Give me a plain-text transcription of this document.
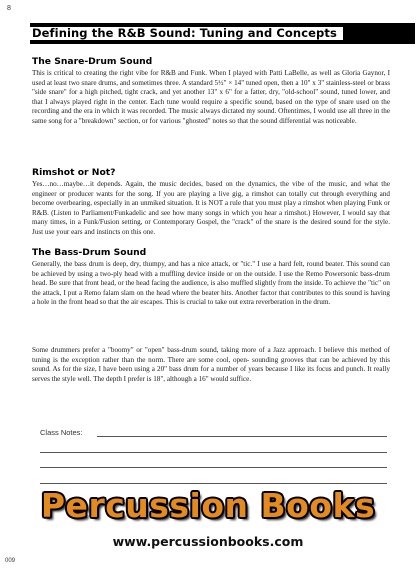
8
Defining the R&B Sound: Tuning and Concepts
The Snare-Drum Sound

This is critical to creating the right vibe for R&B and Funk. When I played with Patti LaBelle, as well as Gloria Gaynor, I used at least two snare drums, and sometimes three. A standard 5½" × 14" tuned open, then a 10" x 3" stainless-steel or brass "side snare" for a high pitched, tight crack, and yet another 13" x 6" for a fatter, dry, "old-school" sound, tuned lower, and that I always played right in the center. Each tune would require a specific sound, based on the type of snare used on the recording and the era in which it was recorded. The music always dictated my sound. Oftentimes, I would use all three in the same song for a "breakdown" section, or for various "ghosted" notes so that the sound differential was noticeable.

Rimshot or Not?

Yes…no…maybe…it depends. Again, the music decides, based on the dynamics, the vibe of the music, and what the engineer or producer wants for the song. If you are playing a live gig, a rimshot can totally cut through everything and become overbearing, especially in an unmiked situation. It is NOT a rule that you must play a rimshot when playing Funk or R&B. (Listen to Parliament/Funkadelic and see how many songs in which you hear a rimshot.) However, I would say that many times, in a Funk/Fusion setting, or Contemporary Gospel, the "crack" of the snare is the desired sound for the style. Just use your ears and instincts on this one.

The Bass-Drum Sound

Generally, the bass drum is deep, dry, thumpy, and has a nice attack, or "tic." I use a hard felt, round beater. This sound can be achieved by using a two-ply head with a muffling device inside or on the outside. I use the Remo Powersonic bass-drum head. Be sure that front head, or the head facing the audience, is also muffled slightly from the inside. To achieve the "tic" on the attack, I put a Remo falam slam on the head where the beater hits. Another factor that contributes to this sound is having a hole in the front head so that the air escapes. This is crucial to take out extra reverberation in the drum.

Some drummers prefer a "boomy" or "open" bass-drum sound, taking more of a Jazz approach. I believe this method of tuning is the exception rather than the norm. There are some cool, open- sounding grooves that can be achieved by this sound. As for the size, I have been using a 20" bass drum for a number of years because I like its focus and punch. It really serves the style well. The depth I prefer is 18", although a 16" would suffice.

Class Notes:
Percussion Books
www.percussionbooks.com
009
